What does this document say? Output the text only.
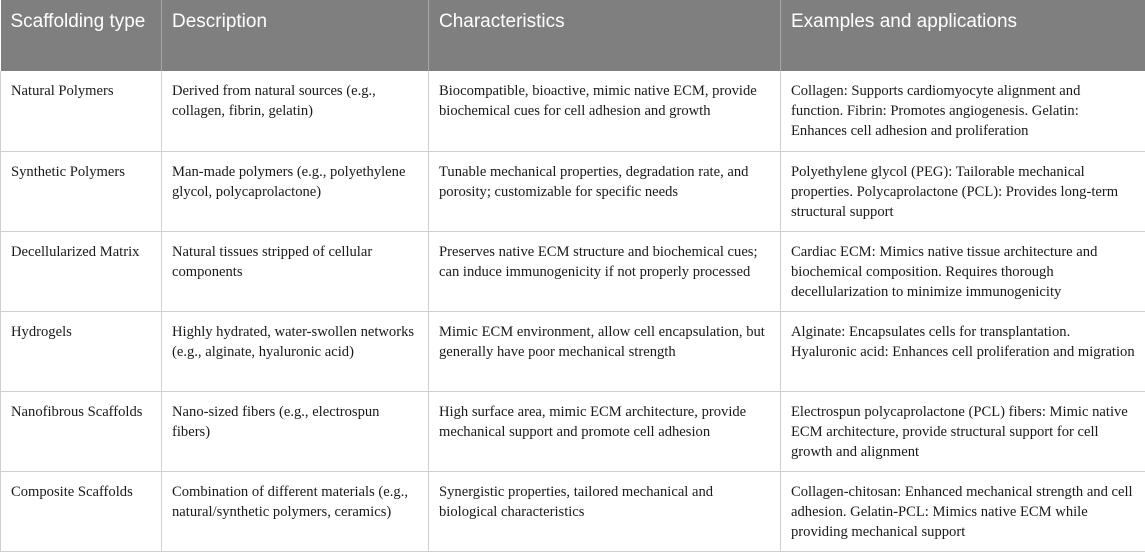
Scaffolding type	Description	Characteristics	Examples and applications
Natural Polymers	Derived from natural sources (e.g., collagen, fibrin, gelatin)	Biocompatible, bioactive, mimic native ECM, provide biochemical cues for cell adhesion and growth	Collagen: Supports cardiomyocyte alignment and function. Fibrin: Promotes angiogenesis. Gelatin: Enhances cell adhesion and proliferation
Synthetic Polymers	Man-made polymers (e.g., polyethylene glycol, polycaprolactone)	Tunable mechanical properties, degradation rate, and porosity; customizable for specific needs	Polyethylene glycol (PEG): Tailorable mechanical properties. Polycaprolactone (PCL): Provides long-term structural support
Decellularized Matrix	Natural tissues stripped of cellular components	Preserves native ECM structure and biochemical cues; can induce immunogenicity if not properly processed	Cardiac ECM: Mimics native tissue architecture and biochemical composition. Requires thorough decellularization to minimize immunogenicity
Hydrogels	Highly hydrated, water-swollen networks (e.g., alginate, hyaluronic acid)	Mimic ECM environment, allow cell encapsulation, but generally have poor mechanical strength	Alginate: Encapsulates cells for transplantation. Hyaluronic acid: Enhances cell proliferation and migration
Nanofibrous Scaffolds	Nano-sized fibers (e.g., electrospun fibers)	High surface area, mimic ECM architecture, provide mechanical support and promote cell adhesion	Electrospun polycaprolactone (PCL) fibers: Mimic native ECM architecture, provide structural support for cell growth and alignment
Composite Scaffolds	Combination of different materials (e.g., natural/synthetic polymers, ceramics)	Synergistic properties, tailored mechanical and biological characteristics	Collagen-chitosan: Enhanced mechanical strength and cell adhesion. Gelatin-PCL: Mimics native ECM while providing mechanical support
